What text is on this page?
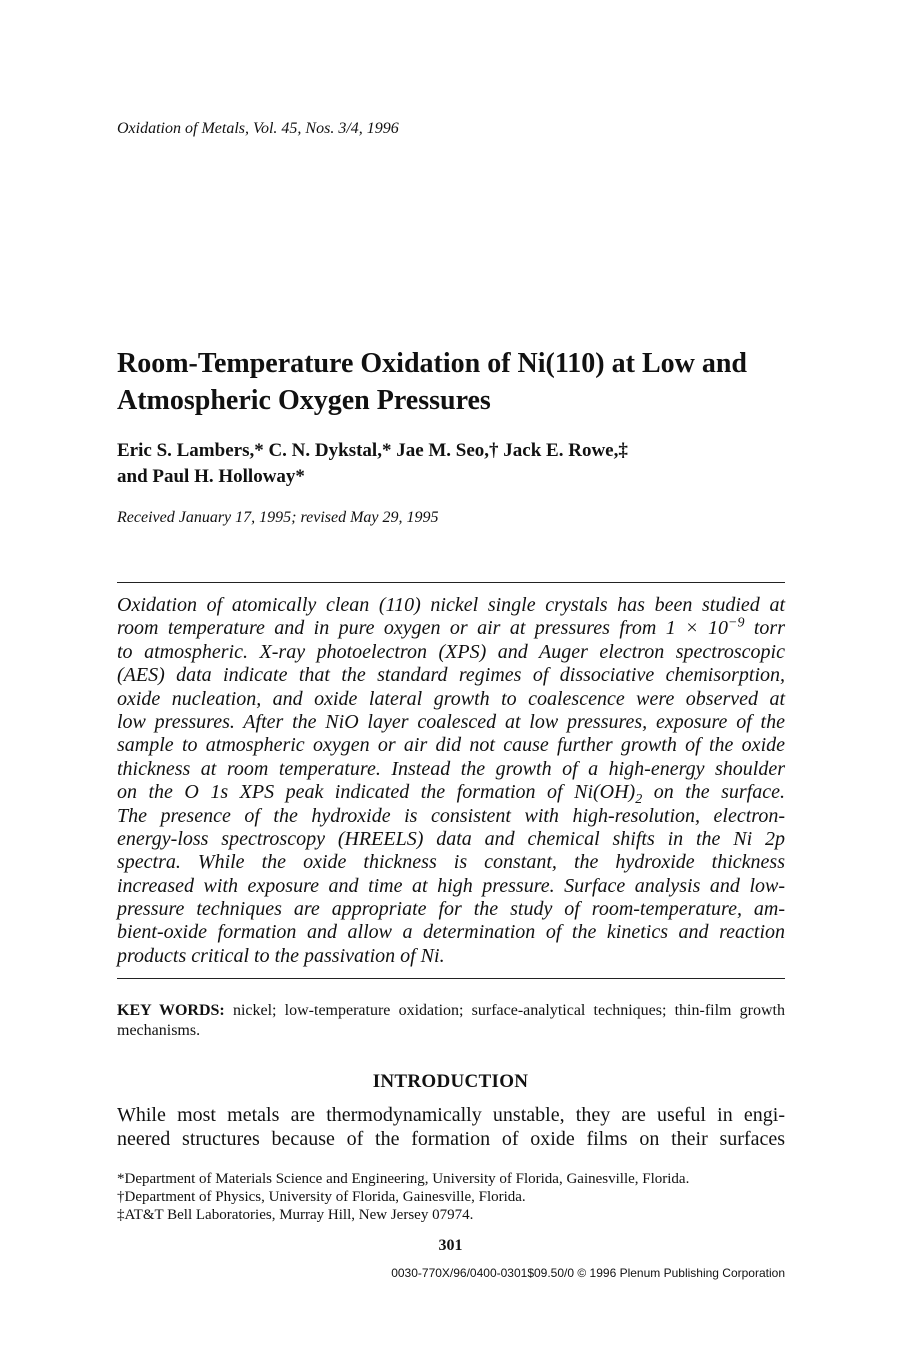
Oxidation of Metals, Vol. 45, Nos. 3/4, 1996
Room-Temperature Oxidation of Ni(110) at Low and
Atmospheric Oxygen Pressures
Eric S. Lambers,* C. N. Dykstal,* Jae M. Seo,† Jack E. Rowe,‡
and Paul H. Holloway*
Received January 17, 1995; revised May 29, 1995
Oxidation of atomically clean (110) nickel single crystals has been studied at
room temperature and in pure oxygen or air at pressures from $1 \times 10^{-9}$ torr
to atmospheric. X-ray photoelectron (XPS) and Auger electron spectroscopic
(AES) data indicate that the standard regimes of dissociative chemisorption,
oxide nucleation, and oxide lateral growth to coalescence were observed at
low pressures. After the NiO layer coalesced at low pressures, exposure of the
sample to atmospheric oxygen or air did not cause further growth of the oxide
thickness at room temperature. Instead the growth of a high-energy shoulder
on the O 1s XPS peak indicated the formation of $Ni(OH)_2$ on the surface.
The presence of the hydroxide is consistent with high-resolution, electron-
energy-loss spectroscopy (HREELS) data and chemical shifts in the Ni 2p
spectra. While the oxide thickness is constant, the hydroxide thickness
increased with exposure and time at high pressure. Surface analysis and low-
pressure techniques are appropriate for the study of room-temperature, am-
bient-oxide formation and allow a determination of the kinetics and reaction
products critical to the passivation of Ni.
KEY WORDS: nickel; low-temperature oxidation; surface-analytical techniques; thin-film growth mechanisms.
INTRODUCTION
While most metals are thermodynamically unstable, they are useful in engi-
neered structures because of the formation of oxide films on their surfaces
*Department of Materials Science and Engineering, University of Florida, Gainesville, Florida.
†Department of Physics, University of Florida, Gainesville, Florida.
‡AT&T Bell Laboratories, Murray Hill, New Jersey 07974.
301
0030-770X/96/0400-0301$09.50/0 © 1996 Plenum Publishing Corporation
